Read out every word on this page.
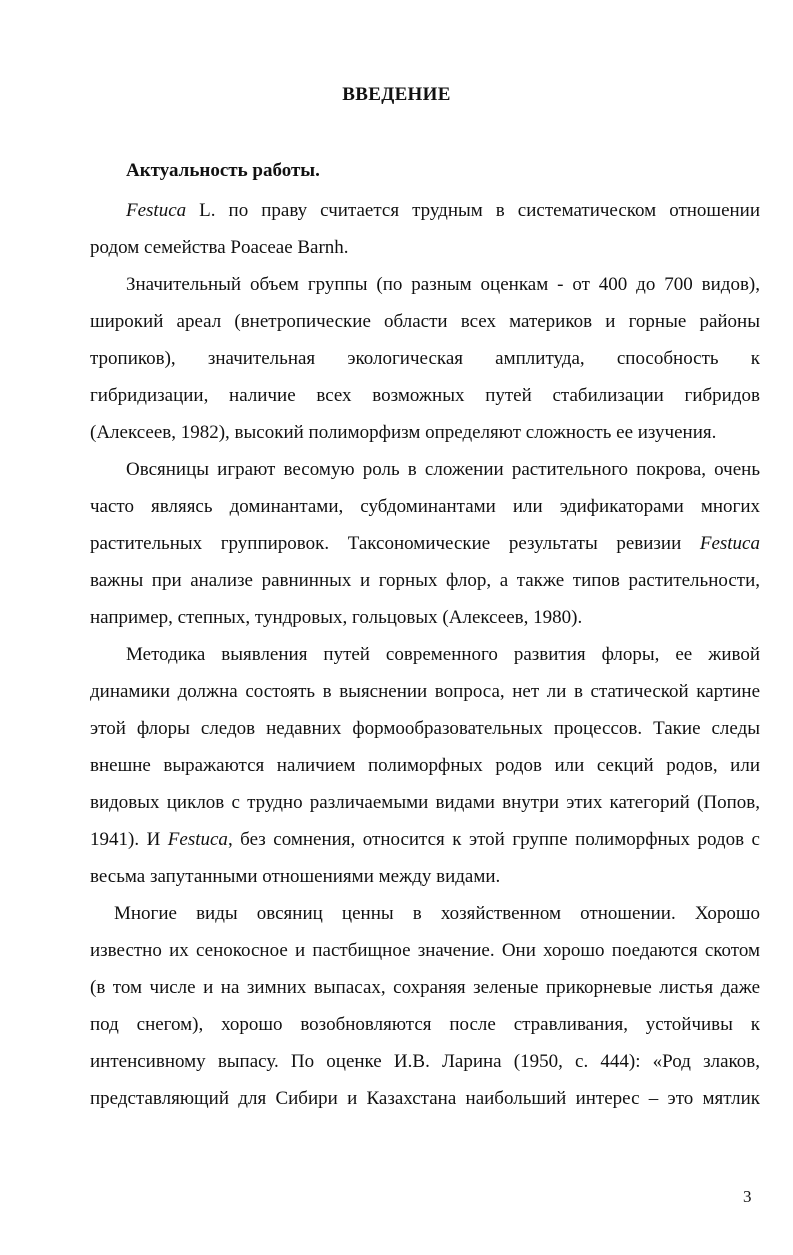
ВВЕДЕНИЕ
Актуальность работы.
Festuca L. по праву считается трудным в систематическом отношении
родом семейства Poaceae Barnh.
Значительный объем группы (по разным оценкам - от 400 до 700 видов),
широкий ареал (внетропические области всех материков и горные районы
тропиков), значительная экологическая амплитуда, способность к
гибридизации, наличие всех возможных путей стабилизации гибридов
(Алексеев, 1982), высокий полиморфизм определяют сложность ее изучения.
Овсяницы играют весомую роль в сложении растительного покрова, очень
часто являясь доминантами, субдоминантами или эдификаторами многих
растительных группировок. Таксономические результаты ревизии Festuca
важны при анализе равнинных и горных флор, а также типов растительности,
например, степных, тундровых, гольцовых (Алексеев, 1980).
Методика выявления путей современного развития флоры, ее живой
динамики должна состоять в выяснении вопроса, нет ли в статической картине
этой флоры следов недавних формообразовательных процессов. Такие следы
внешне выражаются наличием полиморфных родов или секций родов, или
видовых циклов с трудно различаемыми видами внутри этих категорий (Попов,
1941). И Festuca, без сомнения, относится к этой группе полиморфных родов с
весьма запутанными отношениями между видами.
Многие виды овсяниц ценны в хозяйственном отношении. Хорошо
известно их сенокосное и пастбищное значение. Они хорошо поедаются скотом
(в том числе и на зимних выпасах, сохраняя зеленые прикорневые листья даже
под снегом), хорошо возобновляются после стравливания, устойчивы к
интенсивному выпасу. По оценке И.В. Ларина (1950, с. 444): «Род злаков,
представляющий для Сибири и Казахстана наибольший интерес – это мятлик
3
